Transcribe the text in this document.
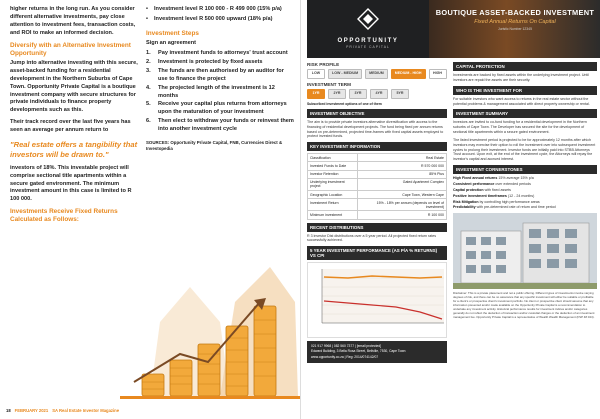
higher returns in the long run. As you consider different alternative investments, pay close attention to investment fees, transaction costs, and ROI to make an informed decision.

Diversify with an Alternative Investment Opportunity

Jump into alternative investing with this secure, asset-backed funding for a residential development in the Northern Suburbs of Cape Town. Opportunity Private Capital is a boutique investment company with secure structures for private individuals to finance property developments such as this.

Their track record over the last five years has seen an average per annum return to

"Real estate offers a tangibility that investors will be drawn to."

investors of 18%. This investable project will comprise sectional title apartments within a secure gated environment. The minimum investment amount in this case is limited to R 100 000.

Investments Receive Fixed Returns Calculated as Follows:
• Investment level R 100 000 - R 499 000 (15% p/a)
• Investment level R 500 000 upward (18% p/a)
Investment Steps

Sign an agreement

1.	Pay investment funds to attorneys' trust account
2.	Investment is protected by fixed assets
3.	The funds are then authorised by an auditor for use to finance the project
4.	The projected length of the investment is 12 months
5.	Receive your capital plus returns from attorneys upon the maturation of your investment
6.	Then elect to withdraw your funds or reinvest them into another investment cycle
SOURCES: Opportunity Private Capital, FNB, Currencies Direct & Investopedia
18 FEBRUARY 2021 SA Real Estate Investor Magazine
OPPORTUNITY
PRIVATE CAPITAL
BOUTIQUE ASSET-BACKED INVESTMENT
Fixed Annual Returns On Capital
Juristic Number 12345
RISK PROFILE
LOW	LOW - MEDIUM	MEDIUM	MEDIUM - HIGH	HIGH
INVESTMENT TERM
1YR	2YR	3YR	4YR	5YR
Subscribed investment options of one of them
INVESTMENT OBJECTIVE
The aim is to provide private investors alternative diversification with access to the financing of residential development projects. The fund being fixed per annum returns based on pre-determined, projected time-frames with fixed capital assets employed to protect invested funds.
KEY INVESTMENT INFORMATION
Classification	Real Estate
Invested Funds to Date	R 570 000 000
Investor Retention	85% Plus
Underlying investment project	Gated Apartment Complex
Geographic Location	Cape Town, Western Cape
Investment Return	15% - 18% per annum (depends on level of investment)
Minimum investment	R 100 000
RECENT DISTRIBUTIONS
R 3 investor Dist distributions over a 5 year period. All projected fixed return rates successfully achieved.
5 YEAR INVESTMENT PERFORMANCE (AS P/A % RETURNS) VS CPI
021 917 9968 | 082 560 7377 | [email protected]
Edward Building, 3 Bella Rosa Street, Bellville, 7530, Cape Town
www.opportunity.co.za | Reg: 2014/074142/07
CAPITAL PROTECTION
Investments are backed by fixed assets within the underlying investment project. Until investors are repaid the assets are their security.
WHO IS THE INVESTMENT FOR
For suitable investors who want access to returns in the real estate sector without the potential problems & management associated with direct property ownership or rental.
INVESTMENT SUMMARY
Investors are invited to co-fund funding for a residential development in the Northern suburbs of Cape Town. The Developer has secured the site for the development of sectional title apartments within a secure gated environment.
The listed investment period is projected to be for approximately 12 months after which investors may exercise their option to roll the investment over into subsequent investment cycles to prolong their investment. Investor funds are initially paid into STBB Attorneys Trust account. Upon exit, at the end of the investment cycle, the Attorneys will repay the investor's capital and accrued interest.
INVESTMENT CORNERSTONES
High Fixed annual returns 15% average 15% p/a
Consistent performance over extended periods
Capital protection with fixed assets
Positive investment timeframes (12 - 24 months)
Risk Mitigation by controlling high performance areas
Predictability with pre-determined rate of return and time period
Disclaimer: This is a private placement and not a public offering. Different types of investments involve varying degrees of risk, and there can be no assurance that any specific investment will either be suitable or profitable for a client's or prospective client's investment portfolio. No client or prospective client should assume that any information presented and/or made available on the Opportunity Private Capital is a recommendation to undertake any investment activity. Historical performance results for investment indices and/or categories generally do not reflect the deduction of transaction and/or custodial charges or the deduction of an investment management fee. Opportunity Private Capital is a representative of Wealth Wealth Management (FSP 48 044).
